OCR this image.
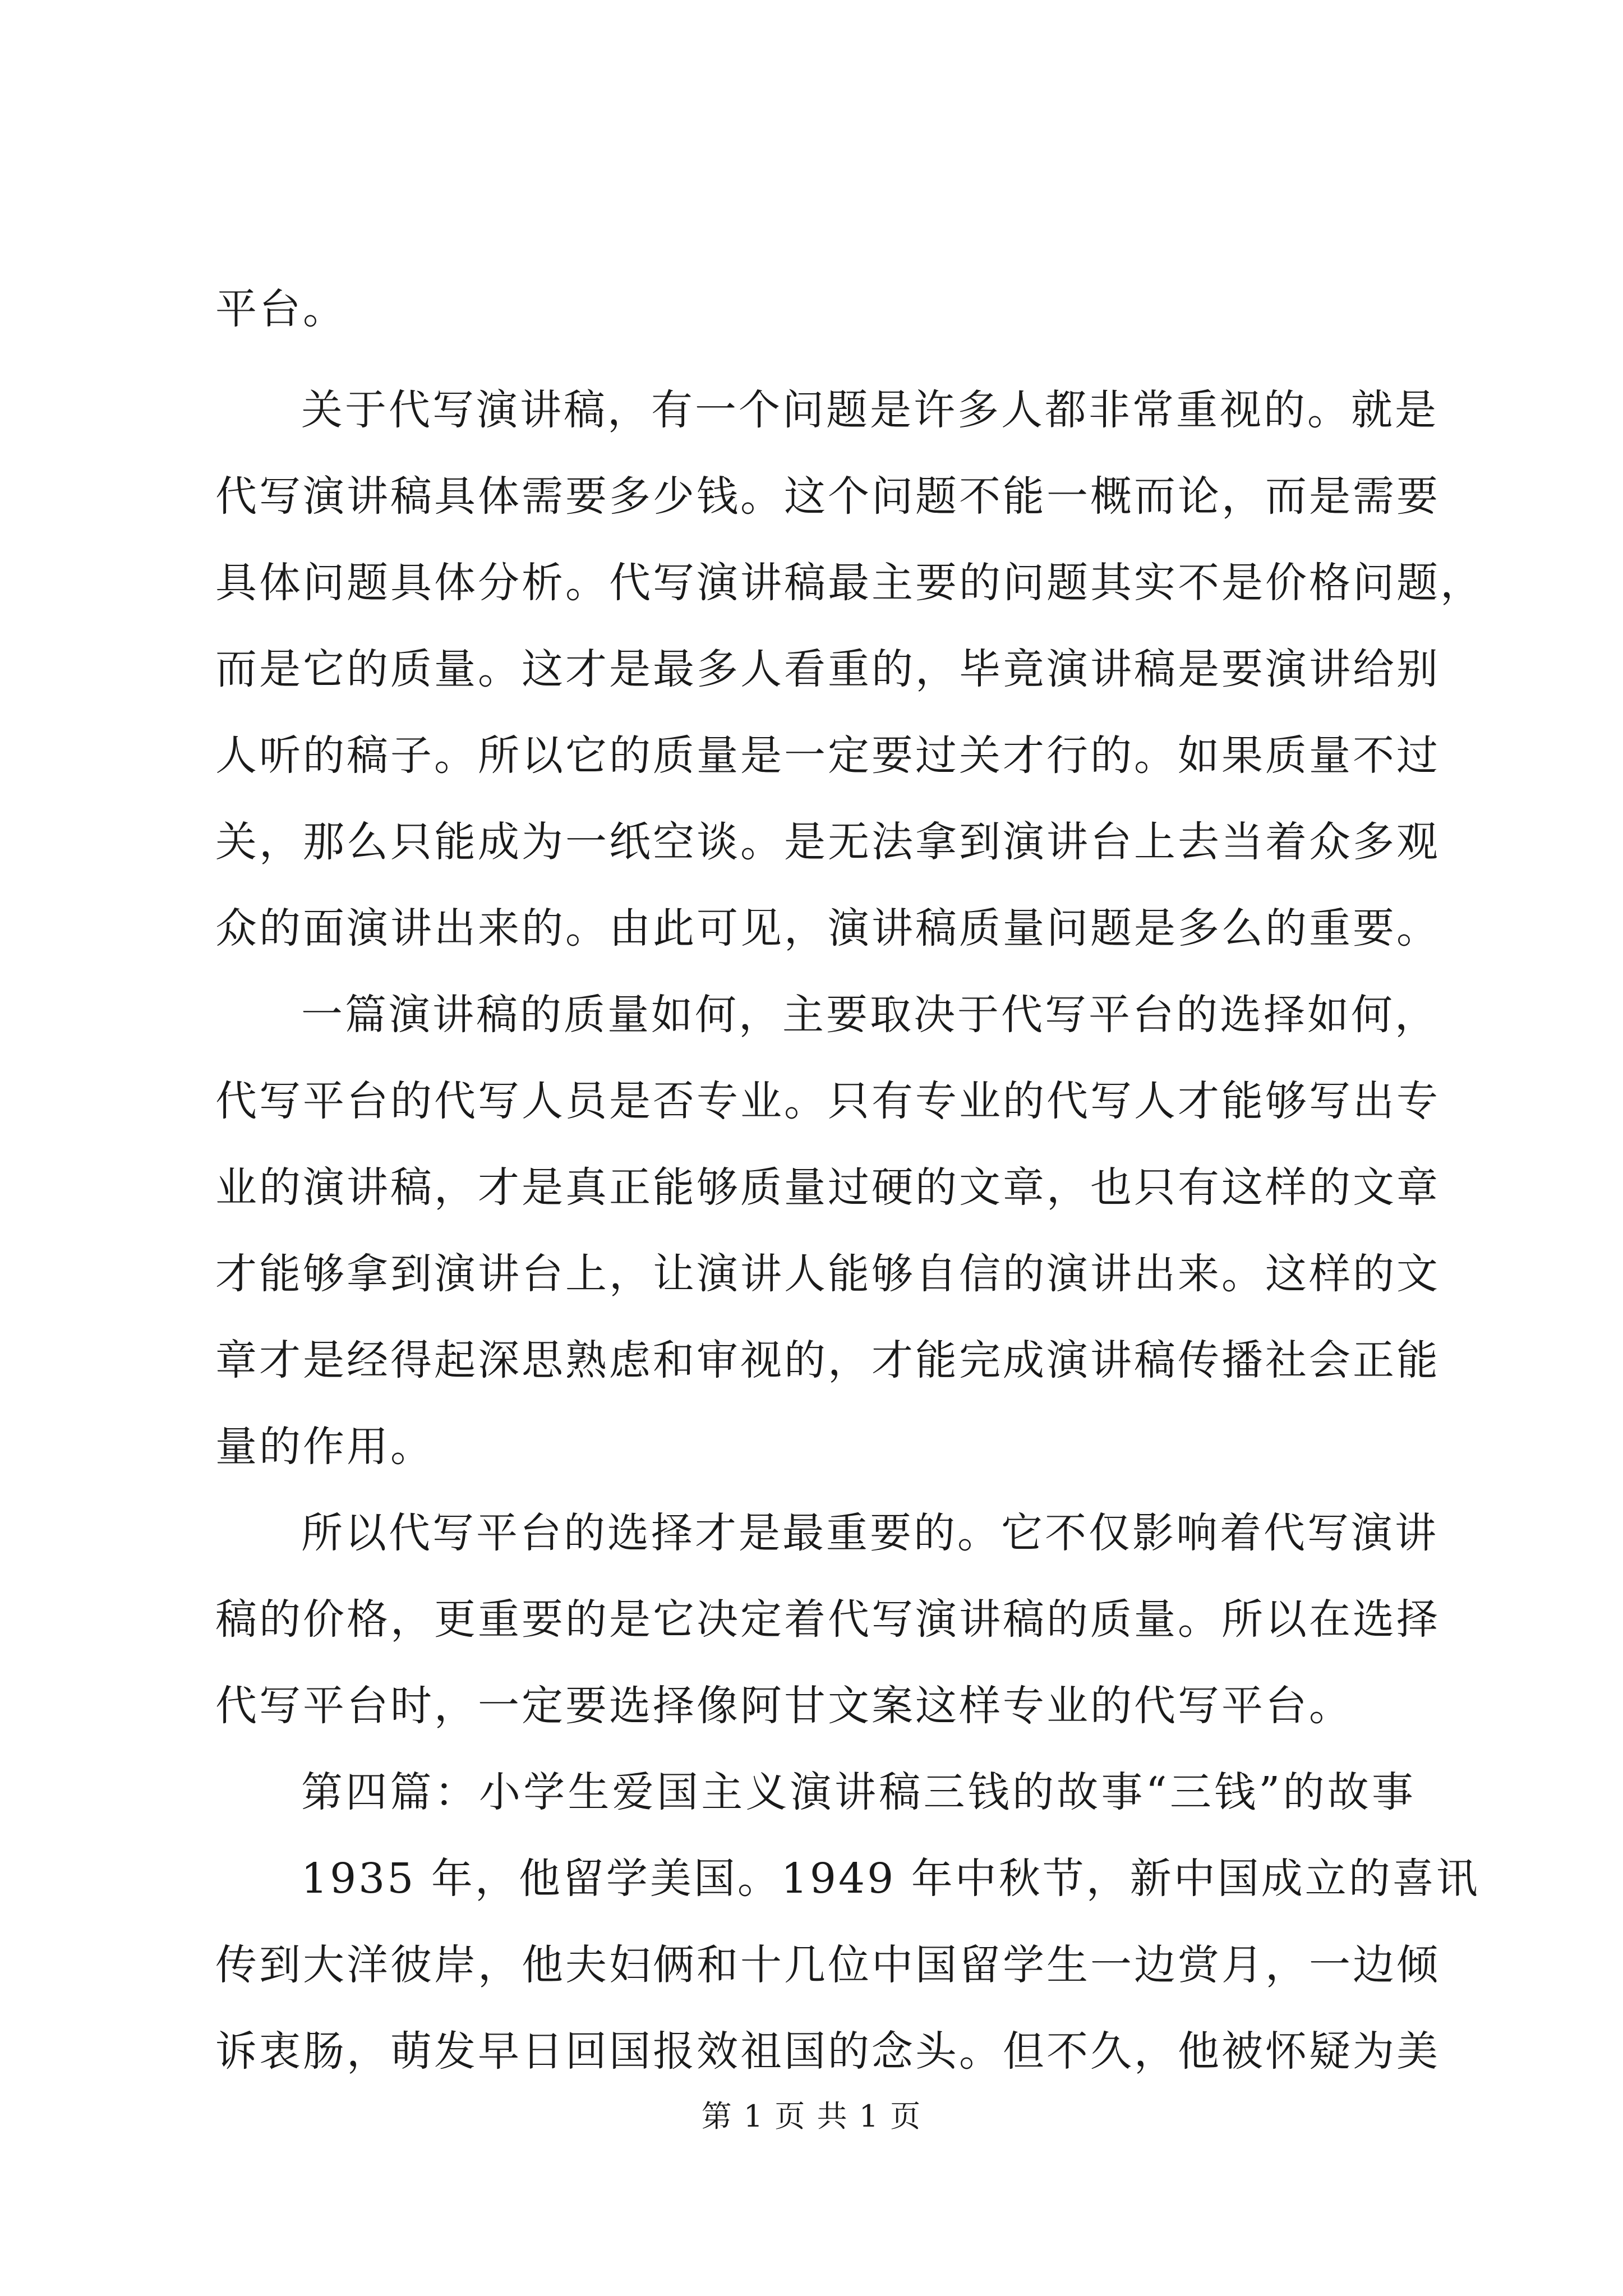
平台。
关于代写演讲稿，有一个问题是许多人都非常重视的。就是
代写演讲稿具体需要多少钱。这个问题不能一概而论，而是需要
具体问题具体分析。代写演讲稿最主要的问题其实不是价格问题，
而是它的质量。这才是最多人看重的，毕竟演讲稿是要演讲给别
人听的稿子。所以它的质量是一定要过关才行的。如果质量不过
关，那么只能成为一纸空谈。是无法拿到演讲台上去当着众多观
众的面演讲出来的。由此可见，演讲稿质量问题是多么的重要。
一篇演讲稿的质量如何，主要取决于代写平台的选择如何，
代写平台的代写人员是否专业。只有专业的代写人才能够写出专
业的演讲稿，才是真正能够质量过硬的文章，也只有这样的文章
才能够拿到演讲台上，让演讲人能够自信的演讲出来。这样的文
章才是经得起深思熟虑和审视的，才能完成演讲稿传播社会正能
量的作用。
所以代写平台的选择才是最重要的。它不仅影响着代写演讲
稿的价格，更重要的是它决定着代写演讲稿的质量。所以在选择
代写平台时，一定要选择像阿甘文案这样专业的代写平台。
第四篇：小学生爱国主义演讲稿三钱的故事“三钱”的故事
1935 年，他留学美国。1949 年中秋节，新中国成立的喜讯
传到大洋彼岸，他夫妇俩和十几位中国留学生一边赏月，一边倾
诉衷肠，萌发早日回国报效祖国的念头。但不久，他被怀疑为美
第 1 页 共 1 页
